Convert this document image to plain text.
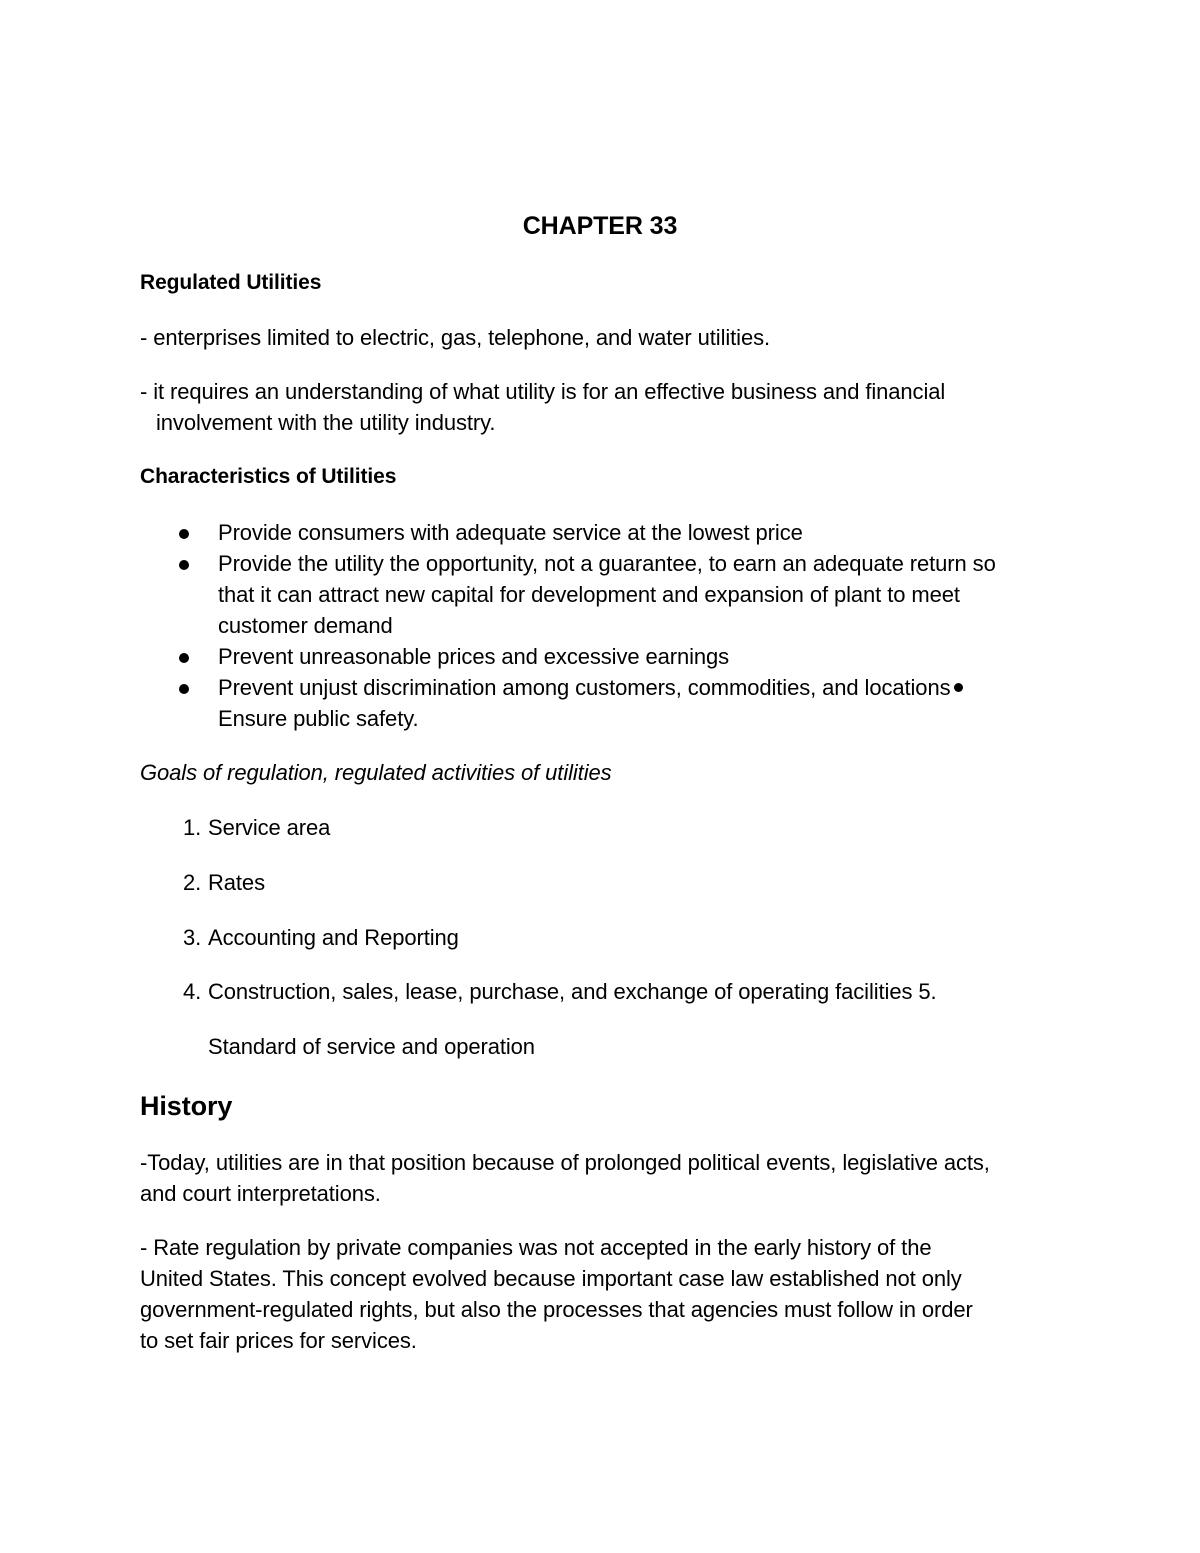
CHAPTER 33
Regulated Utilities
- enterprises limited to electric, gas, telephone, and water utilities.
- it requires an understanding of what utility is for an effective business and financial
involvement with the utility industry.
Characteristics of Utilities
Provide consumers with adequate service at the lowest price
Provide the utility the opportunity, not a guarantee, to earn an adequate return so
that it can attract new capital for development and expansion of plant to meet
customer demand
Prevent unreasonable prices and excessive earnings
Prevent unjust discrimination among customers, commodities, and locations
Ensure public safety.
Goals of regulation, regulated activities of utilities
1. Service area
2. Rates
3. Accounting and Reporting
4. Construction, sales, lease, purchase, and exchange of operating facilities 5.
Standard of service and operation
History
-Today, utilities are in that position because of prolonged political events, legislative acts,
and court interpretations.
- Rate regulation by private companies was not accepted in the early history of the
United States. This concept evolved because important case law established not only
government-regulated rights, but also the processes that agencies must follow in order
to set fair prices for services.
